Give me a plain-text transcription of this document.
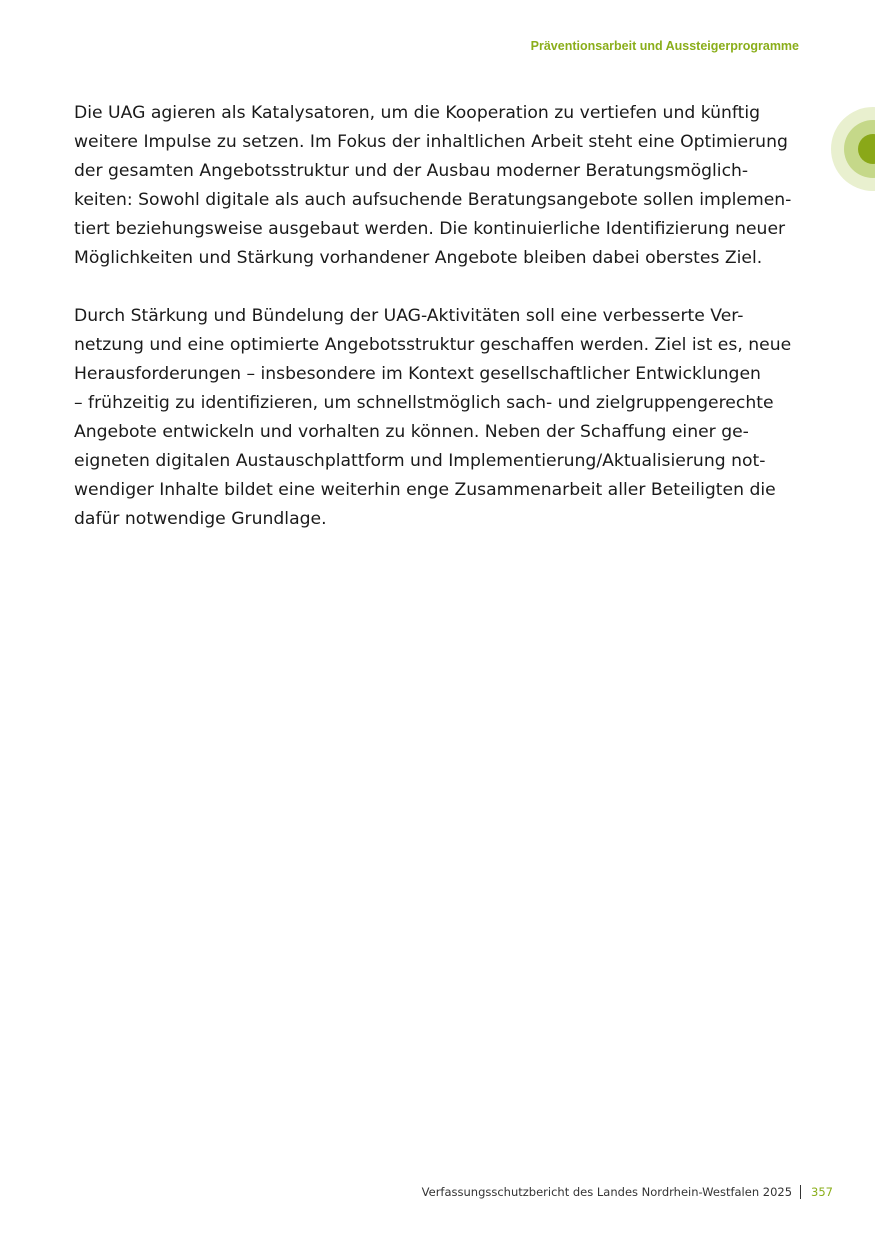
Präventionsarbeit und Aussteigerprogramme

Die UAG agieren als Katalysatoren, um die Kooperation zu vertiefen und künftig
weitere Impulse zu setzen. Im Fokus der inhaltlichen Arbeit steht eine Optimierung
der gesamten Angebotsstruktur und der Ausbau moderner Beratungsmöglich-
keiten: Sowohl digitale als auch aufsuchende Beratungsangebote sollen implemen-
tiert beziehungsweise ausgebaut werden. Die kontinuierliche Identifizierung neuer
Möglichkeiten und Stärkung vorhandener Angebote bleiben dabei oberstes Ziel.

Durch Stärkung und Bündelung der UAG-Aktivitäten soll eine verbesserte Ver-
netzung und eine optimierte Angebotsstruktur geschaffen werden. Ziel ist es, neue
Herausforderungen – insbesondere im Kontext gesellschaftlicher Entwicklungen
– frühzeitig zu identifizieren, um schnellstmöglich sach- und zielgruppengerechte
Angebote entwickeln und vorhalten zu können. Neben der Schaffung einer ge-
eigneten digitalen Austauschplattform und Implementierung/Aktualisierung not-
wendiger Inhalte bildet eine weiterhin enge Zusammenarbeit aller Beteiligten die
dafür notwendige Grundlage.

Verfassungsschutzbericht des Landes Nordrhein-Westfalen 2025 357
